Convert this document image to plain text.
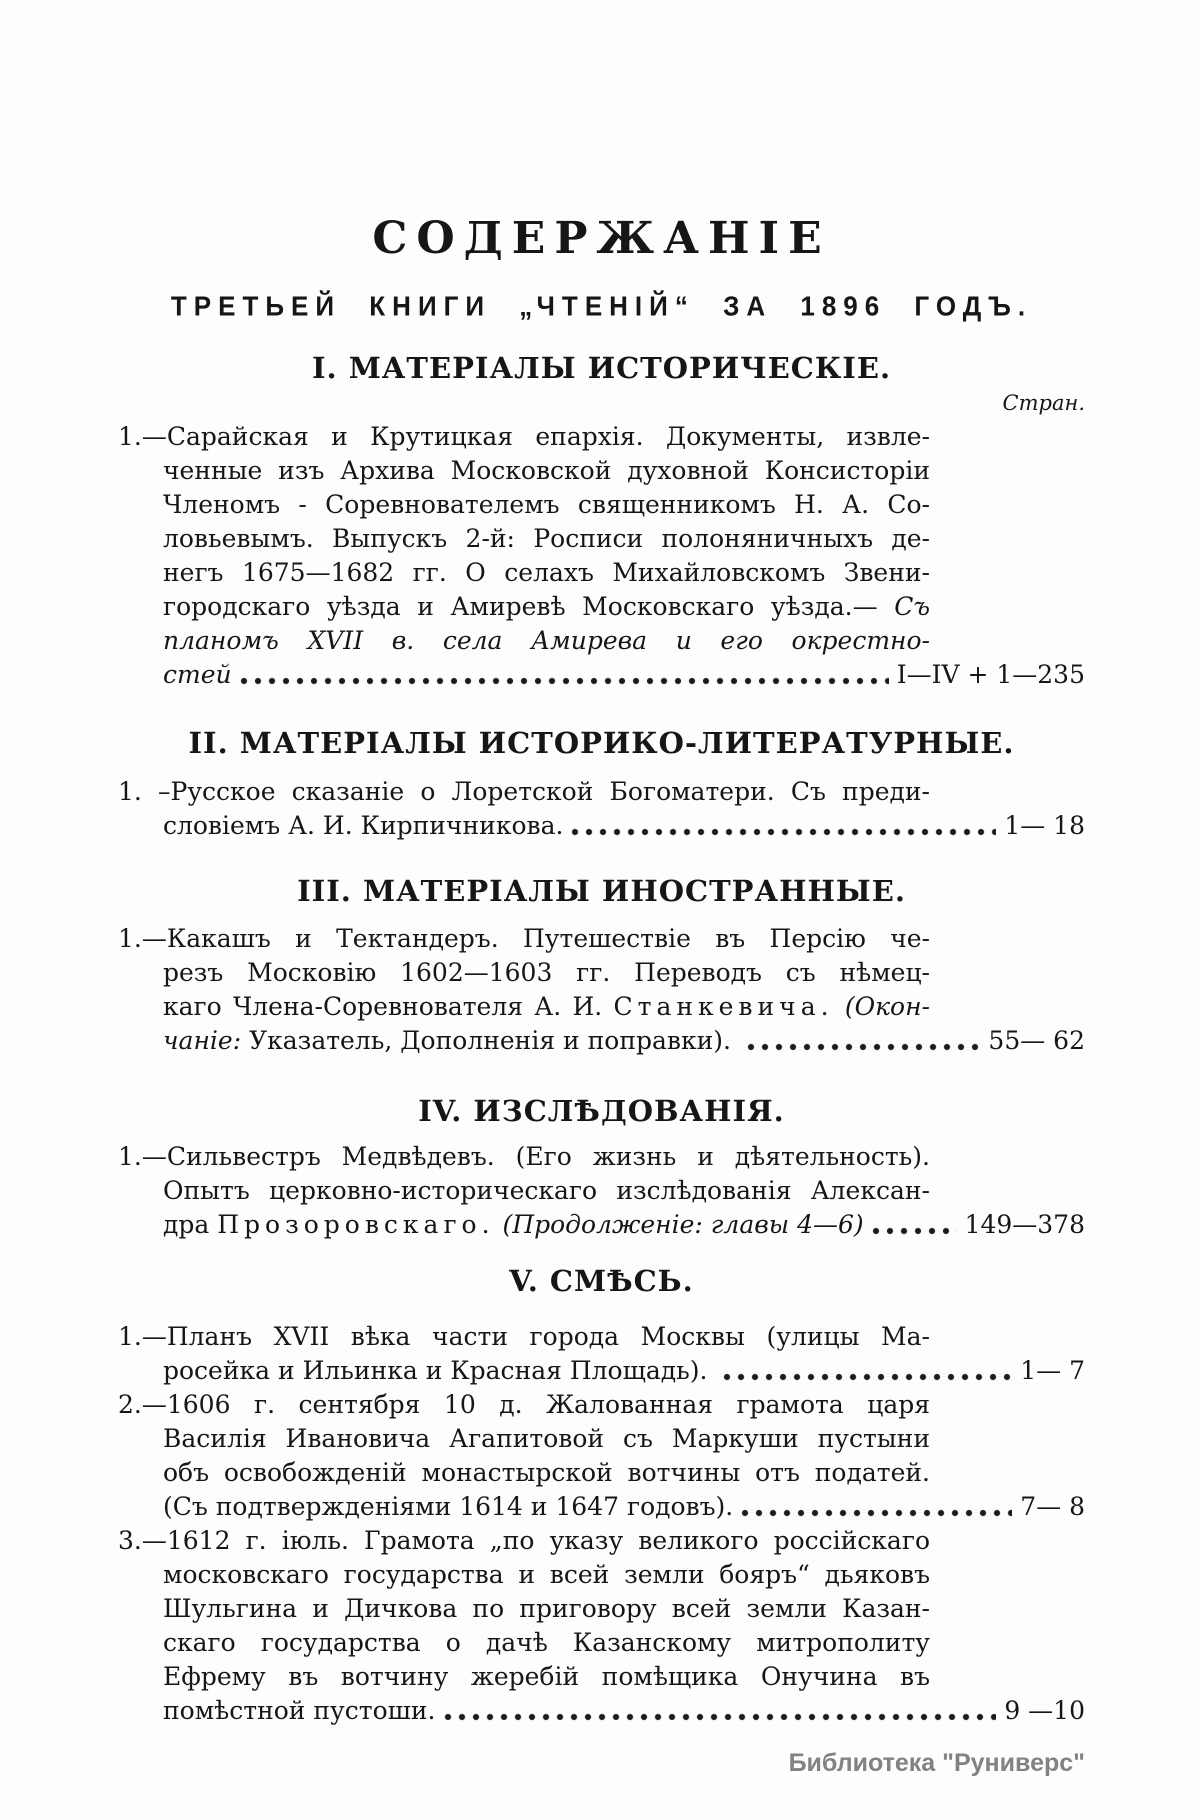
СОДЕРЖАНІЕ
ТРЕТЬЕЙ КНИГИ „ЧТЕНІЙ“ ЗА 1896 ГОДЪ.
Стран.
І. МАТЕРІАЛЫ ИСТОРИЧЕСКІЕ.
1.—Сарайская и Крутицкая епархія. Документы, извле-
ченные изъ Архива Московской духовной Консисторіи
Членомъ - Соревнователемъ священникомъ Н. А. Со-
ловьевымъ. Выпускъ 2-й: Росписи полоняничныхъ де-
негъ 1675—1682 гг. О селахъ Михайловскомъ Звени-
городскаго уѣзда и Амиревѣ Московскаго уѣзда.— Съ
планомъ XVII в. села Амирева и его окрестно-
стей	І—IV + 1—235
II. МАТЕРІАЛЫ ИСТОРИКО-ЛИТЕРАТУРНЫЕ.
1. –Русское сказаніе о Лоретской Богоматери. Съ преди-
словіемъ А. И. Кирпичникова.	1— 18
III. МАТЕРІАЛЫ ИНОСТРАННЫЕ.
1.—Какашъ и Тектандеръ. Путешествіе въ Персію че-
резъ Московію 1602—1603 гг. Переводъ съ нѣмец-
каго Члена-Соревнователя А. И. Станкевича. (Окон-
чаніе: Указатель, Дополненія и поправки).	55— 62
IV. ИЗСЛѢДОВАНІЯ.
1.—Сильвестръ Медвѣдевъ. (Его жизнь и дѣятельность).
Опытъ церковно-историческаго изслѣдованія Алексан-
дра Прозоровскаго. (Продолженіе: главы 4—6)	149—378
V. СМѢСЬ.
1.—Планъ XVII вѣка части города Москвы (улицы Ма-
росейка и Ильинка и Красная Площадь).	1— 7
2.—1606 г. сентября 10 д. Жалованная грамота царя
Василія Ивановича Агапитовой съ Маркуши пустыни
объ освобожденій монастырской вотчины отъ податей.
(Съ подтвержденіями 1614 и 1647 годовъ).	7— 8
3.—1612 г. іюль. Грамота „по указу великого россійскаго
московскаго государства и всей земли бояръ“ дьяковъ
Шульгина и Дичкова по приговору всей земли Казан-
скаго государства о дачѣ Казанскому митрополиту
Ефрему въ вотчину жеребій помѣщика Онучина въ
помѣстной пустоши.	9 —10
Библиотека "Руниверс"
